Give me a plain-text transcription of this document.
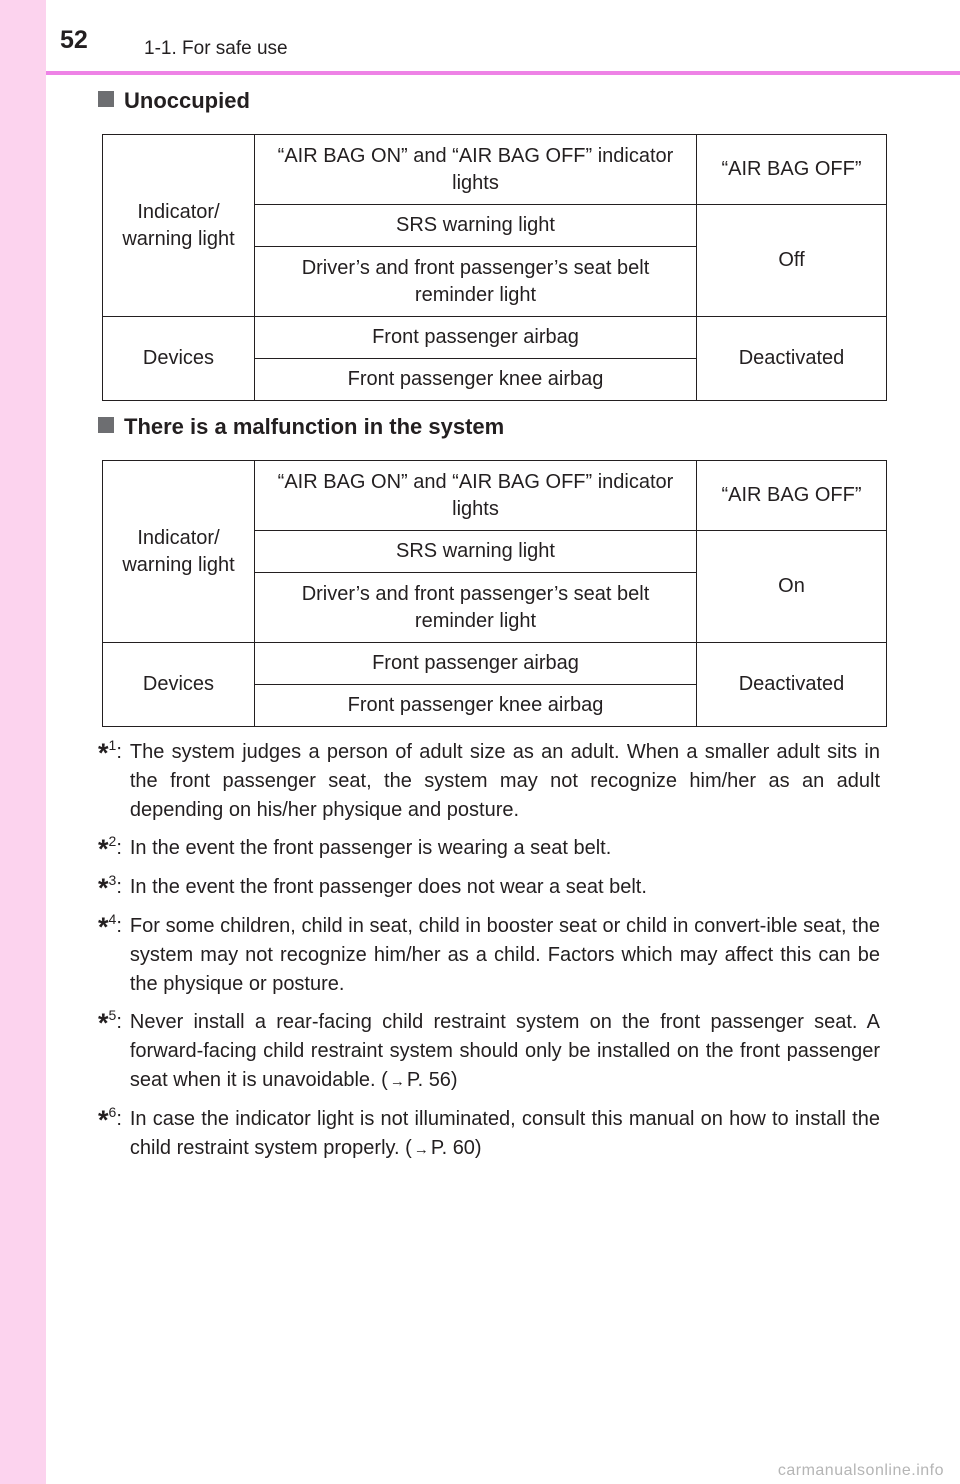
52	1-1. For safe use
Unoccupied
Indicator/ warning light	“AIR BAG ON” and “AIR BAG OFF” indicator lights	“AIR BAG OFF”
	SRS warning light	Off
	Driver’s and front passenger’s seat belt reminder light	
Devices	Front passenger airbag	Deactivated
	Front passenger knee airbag	
There is a malfunction in the system
Indicator/ warning light	“AIR BAG ON” and “AIR BAG OFF” indicator lights	“AIR BAG OFF”
	SRS warning light	On
	Driver’s and front passenger’s seat belt reminder light	
Devices	Front passenger airbag	Deactivated
	Front passenger knee airbag	
*$^1$: The system judges a person of adult size as an adult. When a smaller adult sits in the front passenger seat, the system may not recognize him/her as an adult depending on his/her physique and posture.
*$^2$: In the event the front passenger is wearing a seat belt.
*$^3$: In the event the front passenger does not wear a seat belt.
*$^4$: For some children, child in seat, child in booster seat or child in convert-ible seat, the system may not recognize him/her as a child. Factors which may affect this can be the physique or posture.
*$^5$: Never install a rear-facing child restraint system on the front passenger seat. A forward-facing child restraint system should only be installed on the front passenger seat when it is unavoidable. ( → P. 56)
*$^6$: In case the indicator light is not illuminated, consult this manual on how to install the child restraint system properly. ( → P. 60)
carmanualsonline.info
